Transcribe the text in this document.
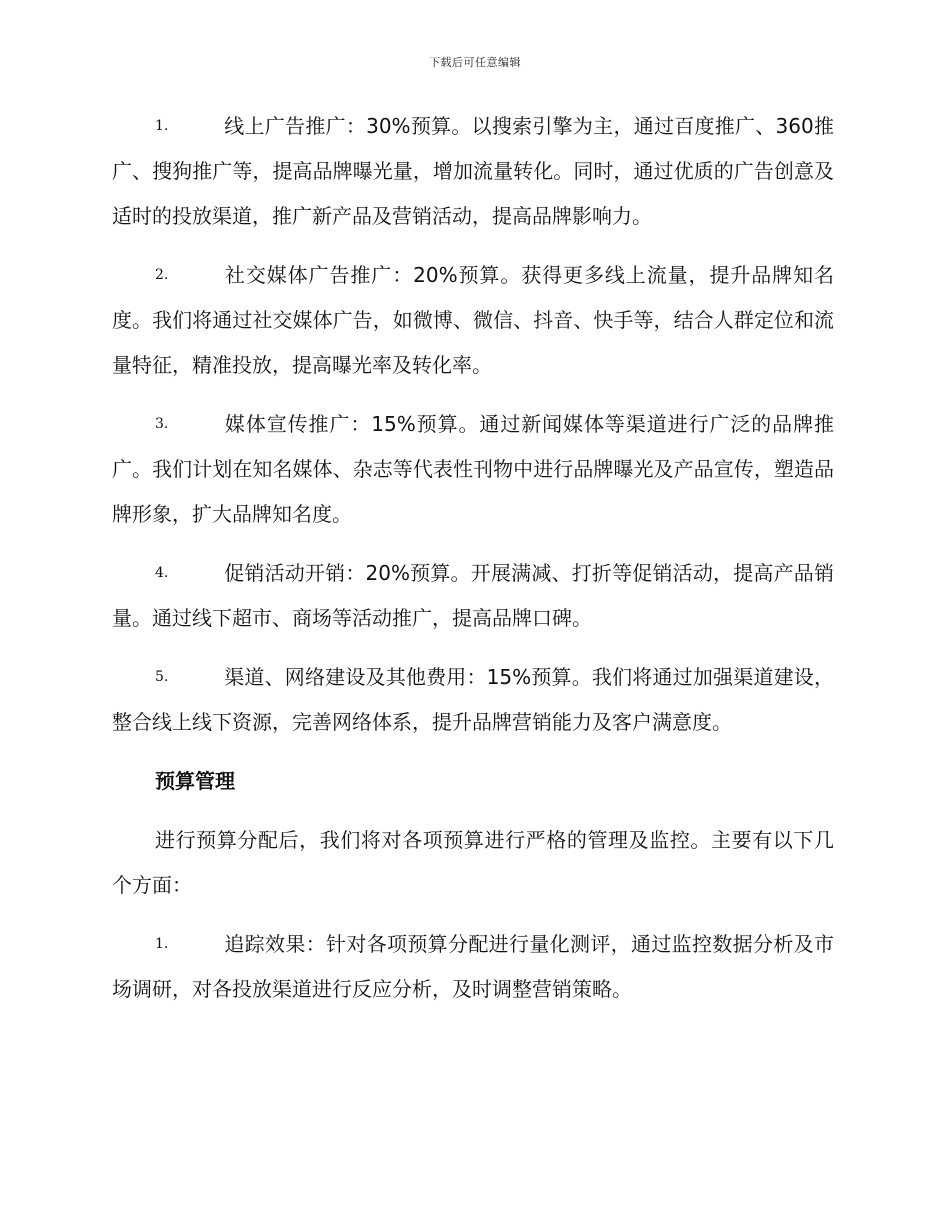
下载后可任意编辑

1.	线上广告推广：30%预算。以搜索引擎为主，通过百度推广、360推广、搜狗推广等，提高品牌曝光量，增加流量转化。同时，通过优质的广告创意及适时的投放渠道，推广新产品及营销活动，提高品牌影响力。

2.	社交媒体广告推广：20%预算。获得更多线上流量，提升品牌知名度。我们将通过社交媒体广告，如微博、微信、抖音、快手等，结合人群定位和流量特征，精准投放，提高曝光率及转化率。

3.	媒体宣传推广：15%预算。通过新闻媒体等渠道进行广泛的品牌推广。我们计划在知名媒体、杂志等代表性刊物中进行品牌曝光及产品宣传，塑造品牌形象，扩大品牌知名度。

4.	促销活动开销：20%预算。开展满减、打折等促销活动，提高产品销量。通过线下超市、商场等活动推广，提高品牌口碑。

5.	渠道、网络建设及其他费用：15%预算。我们将通过加强渠道建设，整合线上线下资源，完善网络体系，提升品牌营销能力及客户满意度。

预算管理

进行预算分配后，我们将对各项预算进行严格的管理及监控。主要有以下几个方面：

1.	追踪效果：针对各项预算分配进行量化测评，通过监控数据分析及市场调研，对各投放渠道进行反应分析，及时调整营销策略。
